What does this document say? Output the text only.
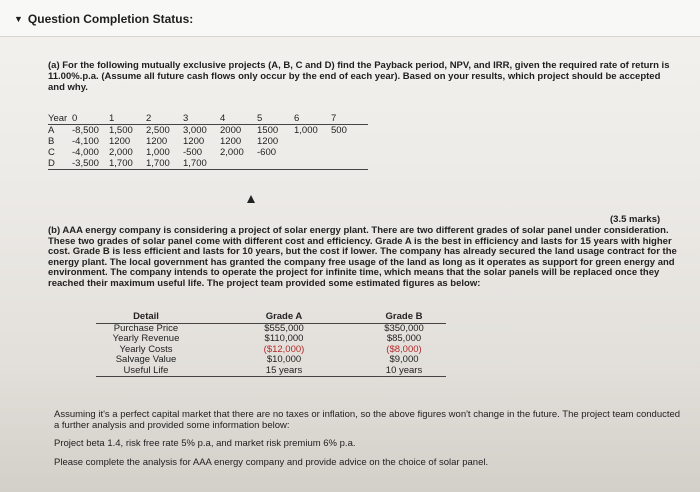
▼ Question Completion Status:
(a) For the following mutually exclusive projects (A, B, C and D) find the Payback period, NPV, and IRR, given the required rate of return is 11.00%.p.a. (Assume all future cash flows only occur by the end of each year). Based on your results, which project should be accepted and why.
Year	0	1	2	3	4	5	6	7
A	-8,500	1,500	2,500	3,000	2000	1500	1,000	500
B	-4,100	1200	1200	1200	1200	1200		
C	-4,000	2,000	1,000	-500	2,000	-600		
D	-3,500	1,700	1,700	1,700				
(3.5 marks)
(b) AAA energy company is considering a project of solar energy plant. There are two different grades of solar panel under consideration. These two grades of solar panel come with different cost and efficiency. Grade A is the best in efficiency and lasts for 15 years with higher cost. Grade B is less efficient and lasts for 10 years, but the cost if lower. The company has already secured the land usage contract for the energy plant. The local government has granted the company free usage of the land as long as it operates as support for green energy and environment. The company intends to operate the project for infinite time, which means that the solar panels will be replaced once they reached their maximum useful life. The project team provided some estimated figures as below:
Detail		Grade A	Grade B
Purchase Price		$555,000	$350,000
Yearly Revenue		$110,000	$85,000
Yearly Costs		($12,000)	($8,000)
Salvage Value		$10,000	$9,000
Useful Life		15 years	10 years

Assuming it's a perfect capital market that there are no taxes or inflation, so the above figures won't change in the future. The project team conducted a further analysis and provided some information below:

Project beta 1.4, risk free rate 5% p.a, and market risk premium 6% p.a.

Please complete the analysis for AAA energy company and provide advice on the choice of solar panel.
